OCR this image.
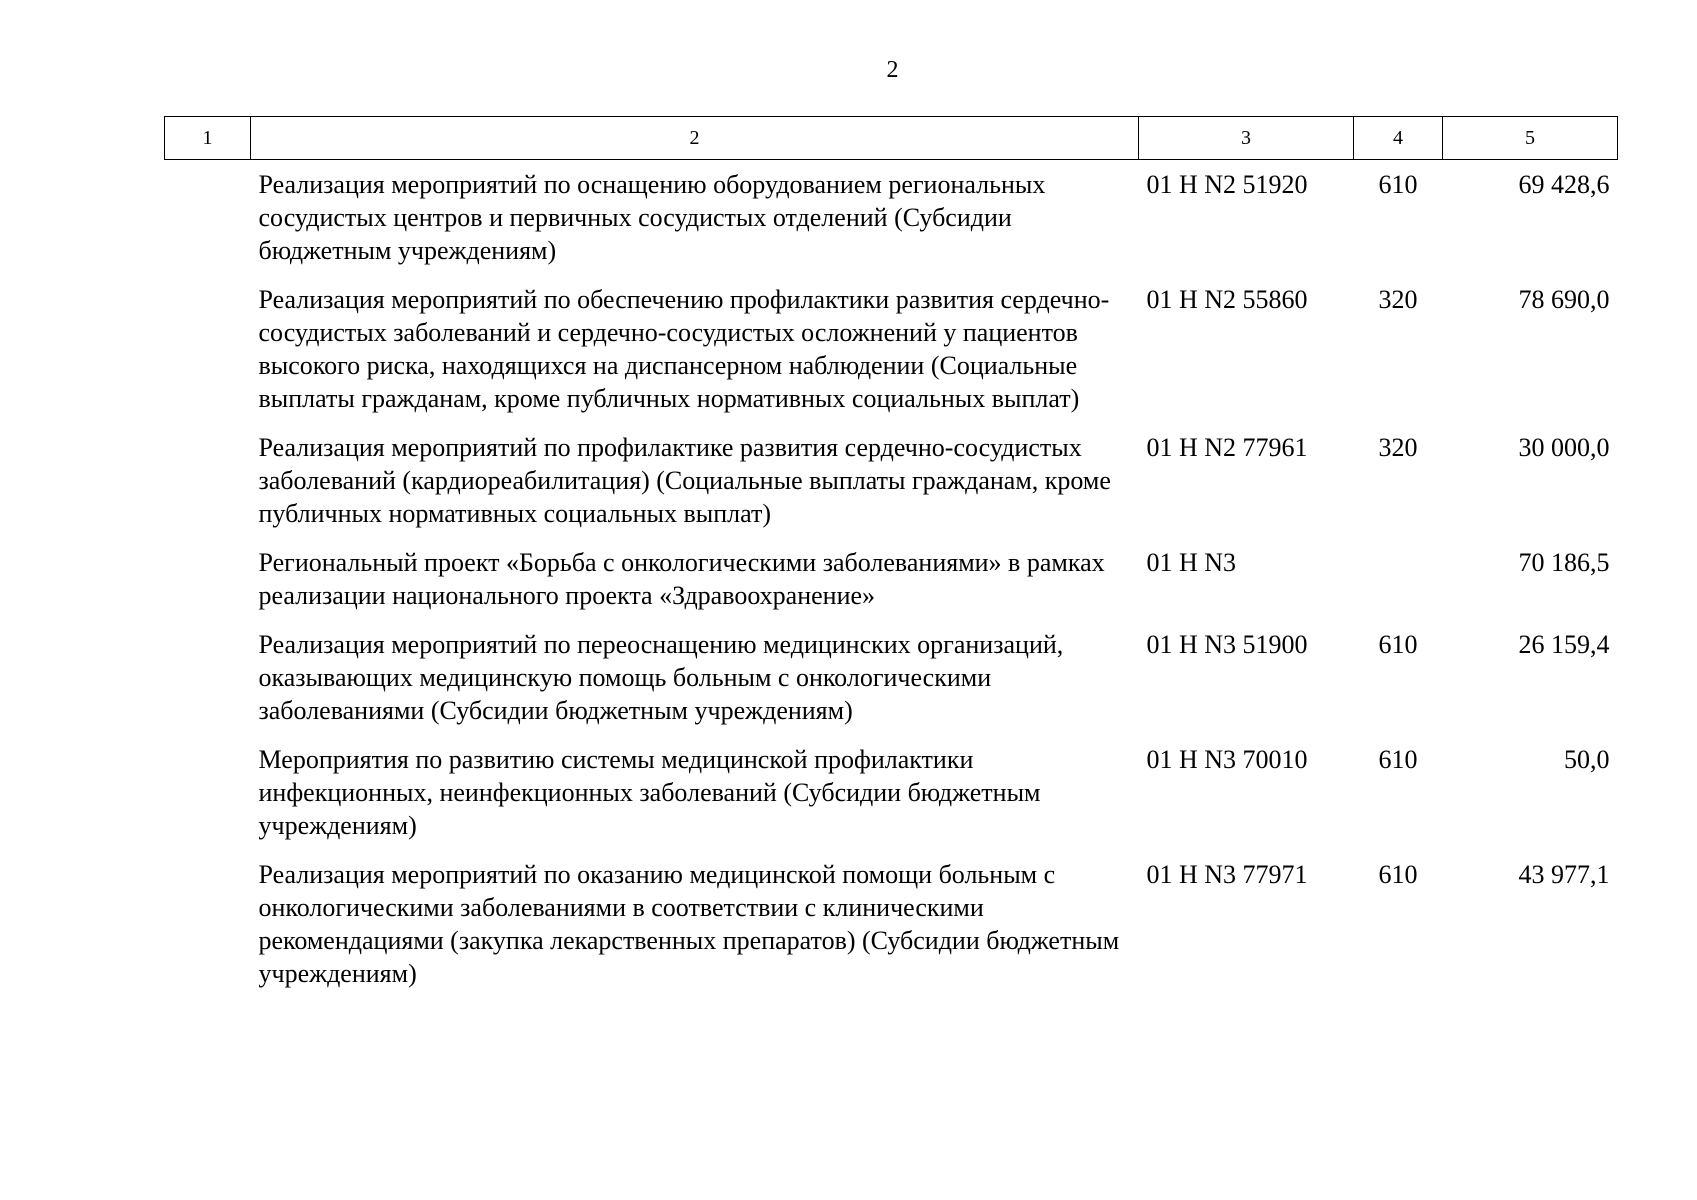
2
1	2	3	4	5
	Реализация мероприятий по оснащению оборудованием региональных сосудистых центров и первичных сосудистых отделений (Субсидии бюджетным учреждениям)	01 Н N2 51920	610	69 428,6
	Реализация мероприятий по обеспечению профилактики развития сердечно-сосудистых заболеваний и сердечно-сосудистых осложнений у пациентов высокого риска, находящихся на диспансерном наблюдении (Социальные выплаты гражданам, кроме публичных нормативных социальных выплат)	01 Н N2 55860	320	78 690,0
	Реализация мероприятий по профилактике развития сердечно-сосудистых заболеваний (кардиореабилитация) (Социальные выплаты гражданам, кроме публичных нормативных социальных выплат)	01 Н N2 77961	320	30 000,0
	Региональный проект «Борьба с онкологическими заболеваниями» в рамках реализации национального проекта «Здравоохранение»	01 Н N3		70 186,5
	Реализация мероприятий по переоснащению медицинских организаций, оказывающих медицинскую помощь больным с онкологическими заболеваниями (Субсидии бюджетным учреждениям)	01 Н N3 51900	610	26 159,4
	Мероприятия по развитию системы медицинской профилактики инфекционных, неинфекционных заболеваний (Субсидии бюджетным учреждениям)	01 Н N3 70010	610	50,0
	Реализация мероприятий по оказанию медицинской помощи больным с онкологическими заболеваниями в соответствии с клиническими рекомендациями (закупка лекарственных препаратов) (Субсидии бюджетным учреждениям)	01 Н N3 77971	610	43 977,1
